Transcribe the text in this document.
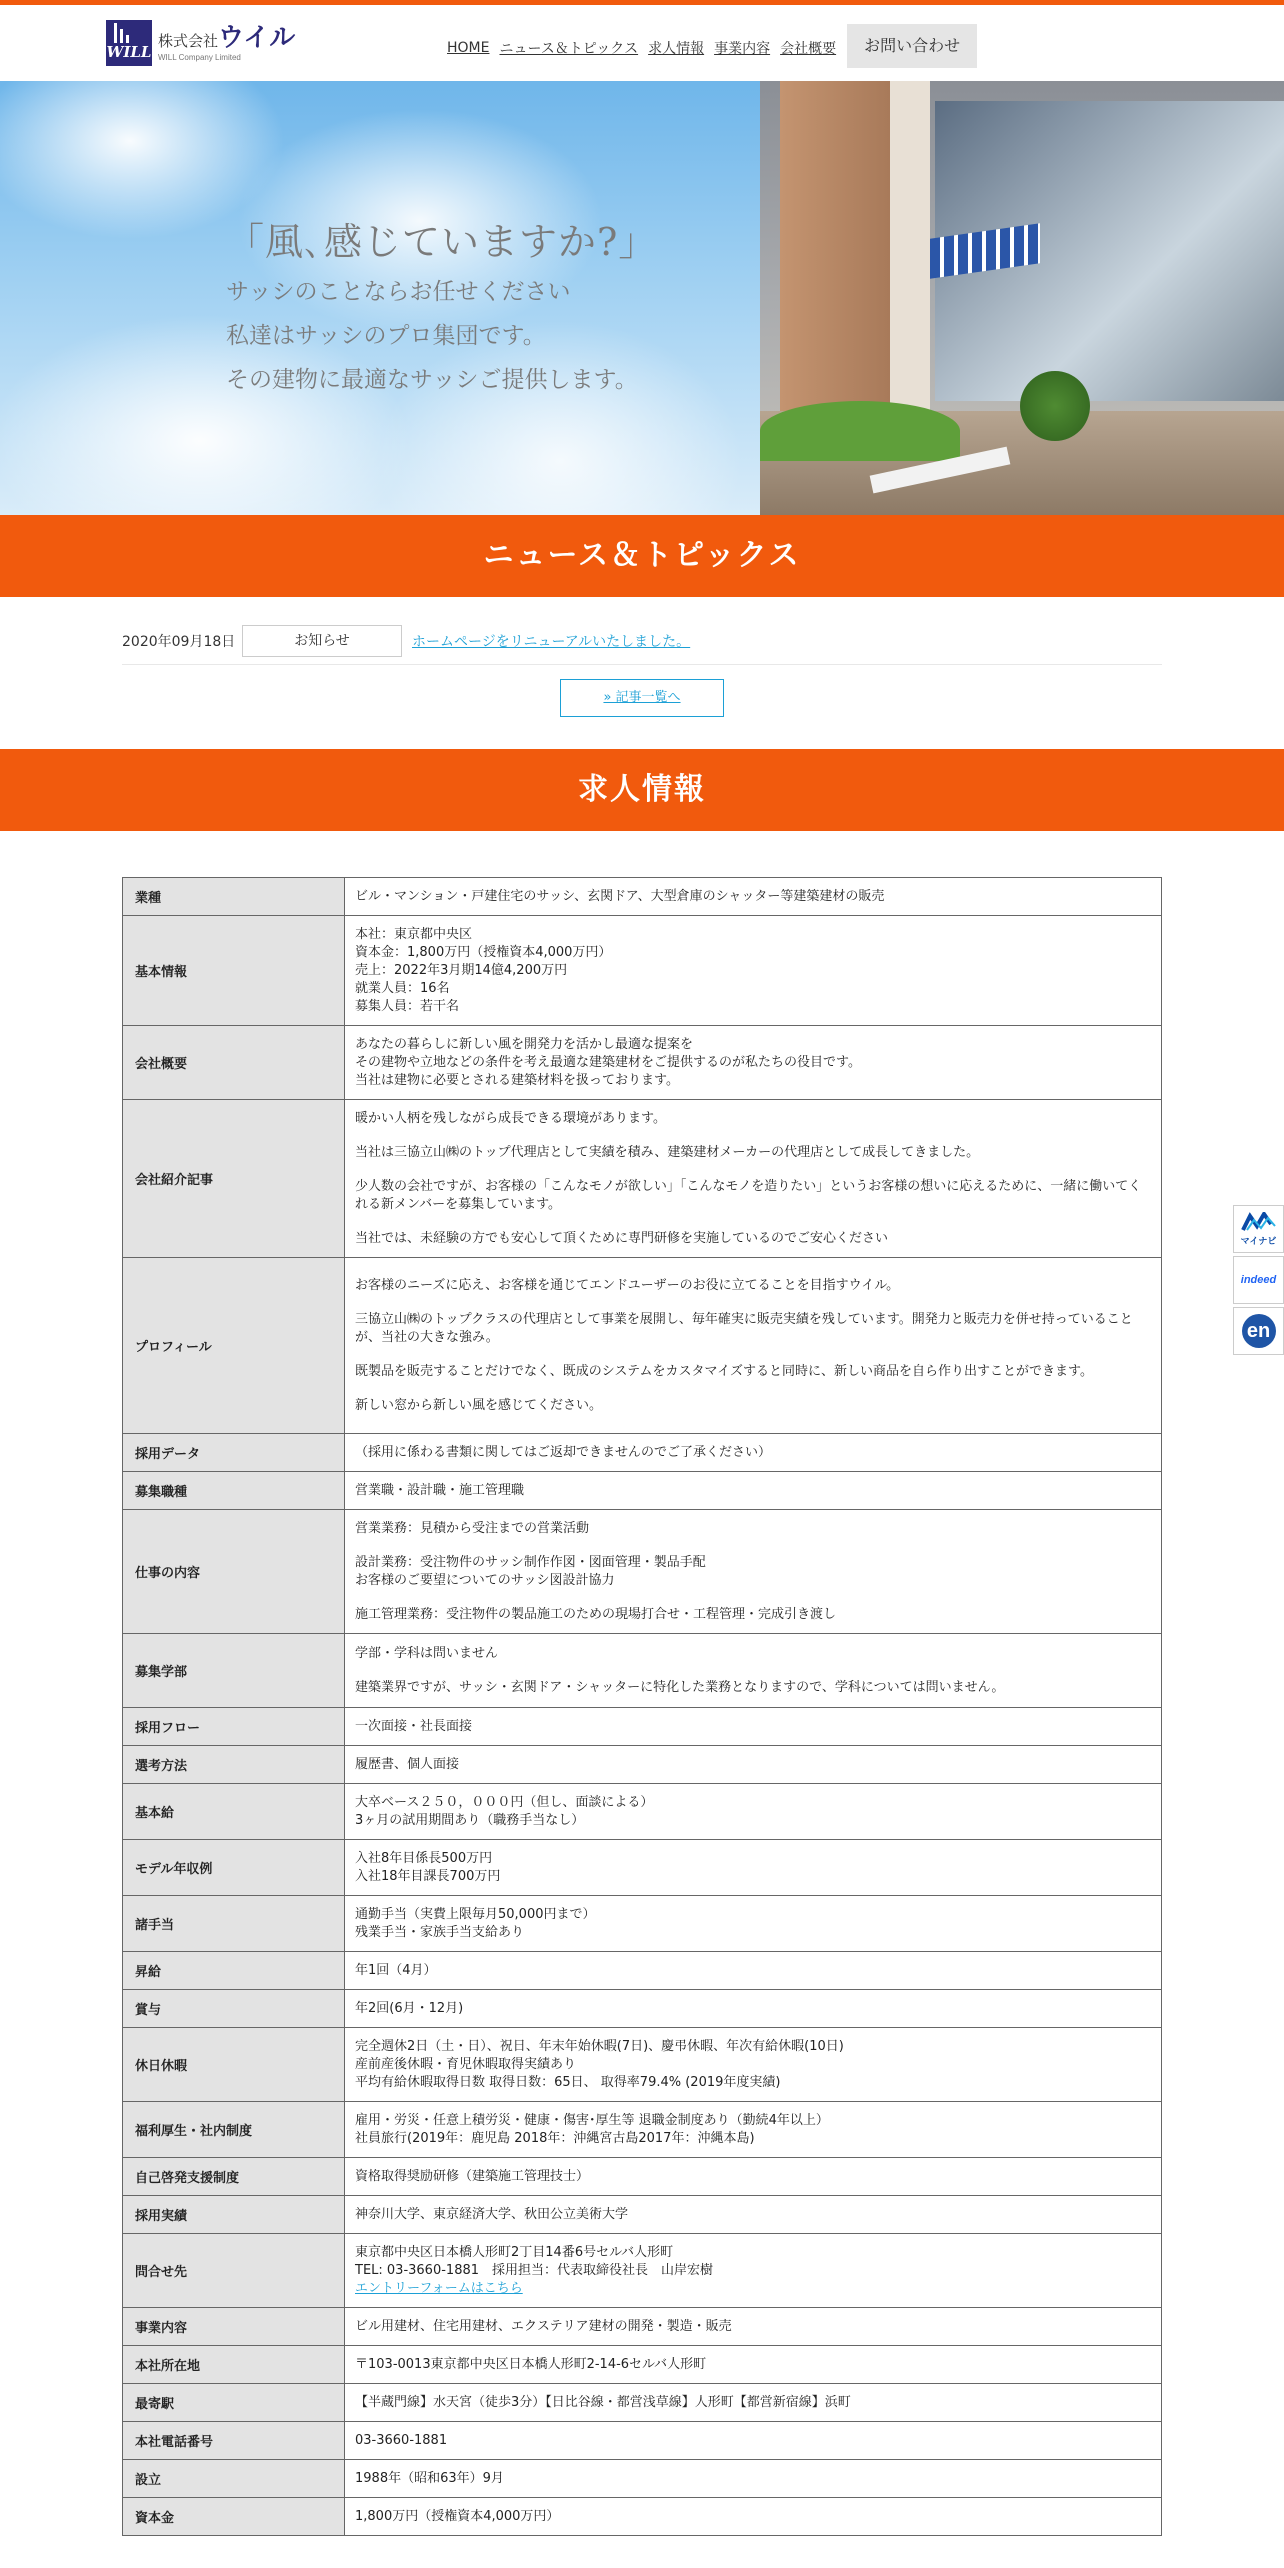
WILL
株式会社ウイル
WILL Company Limited
HOME ニュース＆トピックス 求人情報 事業内容 会社概要	お問い合わせ
「風､感じていますか?」
サッシのことならお任せください
私達はサッシのプロ集団です。
その建物に最適なサッシご提供します。
ニュース＆トピックス
2020年09月18日	お知らせ	ホームページをリニューアルいたしました。
» 記事一覧へ
求人情報
業種	ビル・マンション・戸建住宅のサッシ、玄関ドア、大型倉庫のシャッター等建築建材の販売

基本情報	本社：東京都中央区

資本金：1,800万円（授権資本4,000万円）

売上：2022年3月期14億4,200万円

就業人員：16名

募集人員：若干名

会社概要	あなたの暮らしに新しい風を開発力を活かし最適な提案を

その建物や立地などの条件を考え最適な建築建材をご提供するのが私たちの役目です。

当社は建物に必要とされる建築材料を扱っております。

会社紹介記事	暖かい人柄を残しながら成長できる環境があります。

当社は三協立山㈱のトップ代理店として実績を積み、建築建材メーカーの代理店として成長してきました。

少人数の会社ですが、お客様の「こんなモノが欲しい」「こんなモノを造りたい」というお客様の想いに応えるために、一緒に働いてくれる新メンバーを募集しています。

当社では、未経験の方でも安心して頂くために専門研修を実施しているのでご安心ください

プロフィール	お客様のニーズに応え、お客様を通じてエンドユーザーのお役に立てることを目指すウイル。

三協立山㈱のトップクラスの代理店として事業を展開し、毎年確実に販売実績を残しています。開発力と販売力を併せ持っていることが、当社の大きな強み。

既製品を販売することだけでなく、既成のシステムをカスタマイズすると同時に、新しい商品を自ら作り出すことができます。

新しい窓から新しい風を感じてください。

採用データ	（採用に係わる書類に関してはご返却できませんのでご了承ください）

募集職種	営業職・設計職・施工管理職

仕事の内容	営業業務：見積から受注までの営業活動

設計業務：受注物件のサッシ制作作図・図面管理・製品手配
お客様のご要望についてのサッシ図設計協力

施工管理業務：受注物件の製品施工のための現場打合せ・工程管理・完成引き渡し

募集学部	学部・学科は問いません

建築業界ですが、サッシ・玄関ドア・シャッターに特化した業務となりますので、学科については問いません。

採用フロー	一次面接・社長面接

選考方法	履歴書、個人面接

基本給	大卒ベース２５０，０００円（但し、面談による）

3ヶ月の試用期間あり（職務手当なし）

モデル年収例	入社8年目係長500万円

入社18年目課長700万円

諸手当	通勤手当（実費上限毎月50,000円まで）

残業手当・家族手当支給あり

昇給	年1回（4月）

賞与	年2回(6月・12月)

休日休暇	完全週休2日（土・日）、祝日、年末年始休暇(7日)、慶弔休暇、年次有給休暇(10日)

産前産後休暇・育児休暇取得実績あり

平均有給休暇取得日数 取得日数：65日、 取得率79.4% (2019年度実績)

福利厚生・社内制度	雇用・労災・任意上積労災・健康・傷害･厚生等 退職金制度あり（勤続4年以上）

社員旅行(2019年：鹿児島 2018年：沖縄宮古島2017年：沖縄本島)

自己啓発支援制度	資格取得奨励研修（建築施工管理技士）

採用実績	神奈川大学、東京経済大学、秋田公立美術大学

問合せ先	東京都中央区日本橋人形町2丁目14番6号セルバ人形町

TEL: 03-3660-1881　採用担当：代表取締役社長　山岸宏樹

エントリーフォームはこちら

事業内容	ビル用建材、住宅用建材、エクステリア建材の開発・製造・販売

本社所在地	〒103-0013東京都中央区日本橋人形町2-14-6セルバ人形町

最寄駅	【半蔵門線】水天宮（徒歩3分）【日比谷線・都営浅草線】人形町【都営新宿線】浜町

本社電話番号	03-3660-1881

設立	1988年（昭和63年）9月

資本金	1,800万円（授権資本4,000万円）

マイナビ
indeed
en
